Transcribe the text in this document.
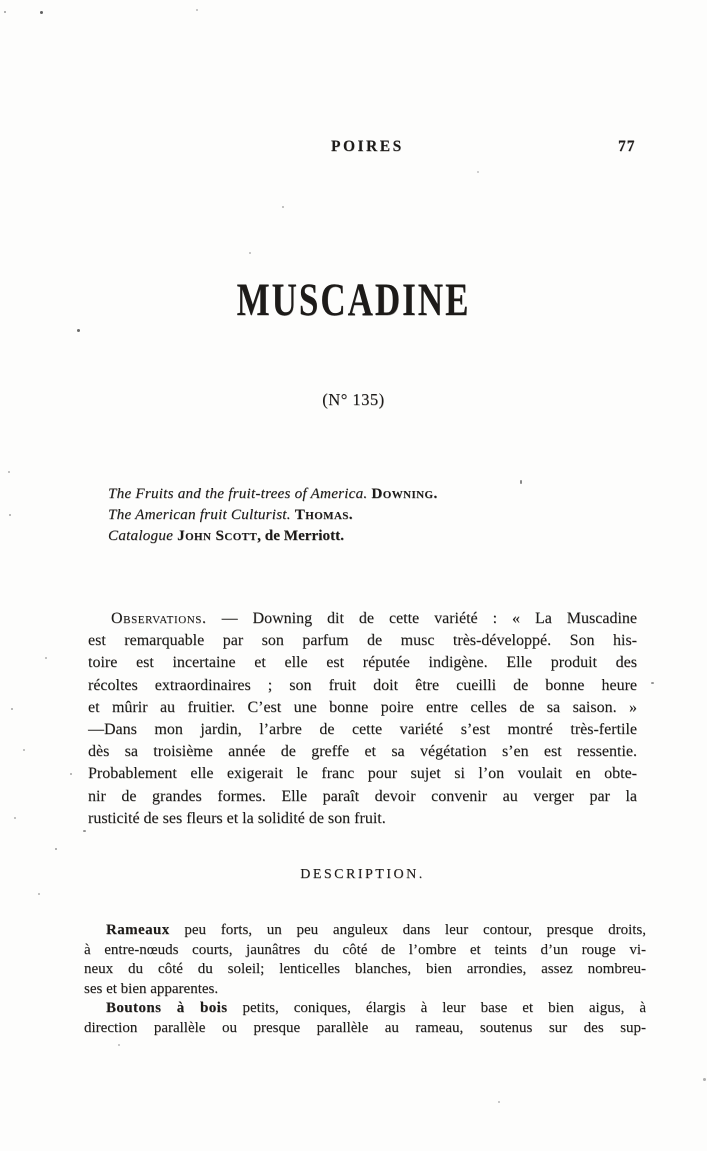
POIRES	77
MUSCADINE
(N° 135)
The Fruits and the fruit-trees of America. Downing.
The American fruit Culturist. Thomas.
Catalogue John Scott, de Merriott.
Observations. — Downing dit de cette variété : « La Muscadine
est remarquable par son parfum de musc très-développé. Son his-
toire est incertaine et elle est réputée indigène. Elle produit des
récoltes extraordinaires ; son fruit doit être cueilli de bonne heure
et mûrir au fruitier. C’est une bonne poire entre celles de sa saison. »
—Dans mon jardin, l’arbre de cette variété s’est montré très-fertile
dès sa troisième année de greffe et sa végétation s’en est ressentie.
Probablement elle exigerait le franc pour sujet si l’on voulait en obte-
nir de grandes formes. Elle paraît devoir convenir au verger par la
rusticité de ses fleurs et la solidité de son fruit.
DESCRIPTION.
Rameaux peu forts, un peu anguleux dans leur contour, presque droits,
à entre-nœuds courts, jaunâtres du côté de l’ombre et teints d’un rouge vi-
neux du côté du soleil; lenticelles blanches, bien arrondies, assez nombreu-
ses et bien apparentes.
Boutons à bois petits, coniques, élargis à leur base et bien aigus, à
direction parallèle ou presque parallèle au rameau, soutenus sur des sup-
